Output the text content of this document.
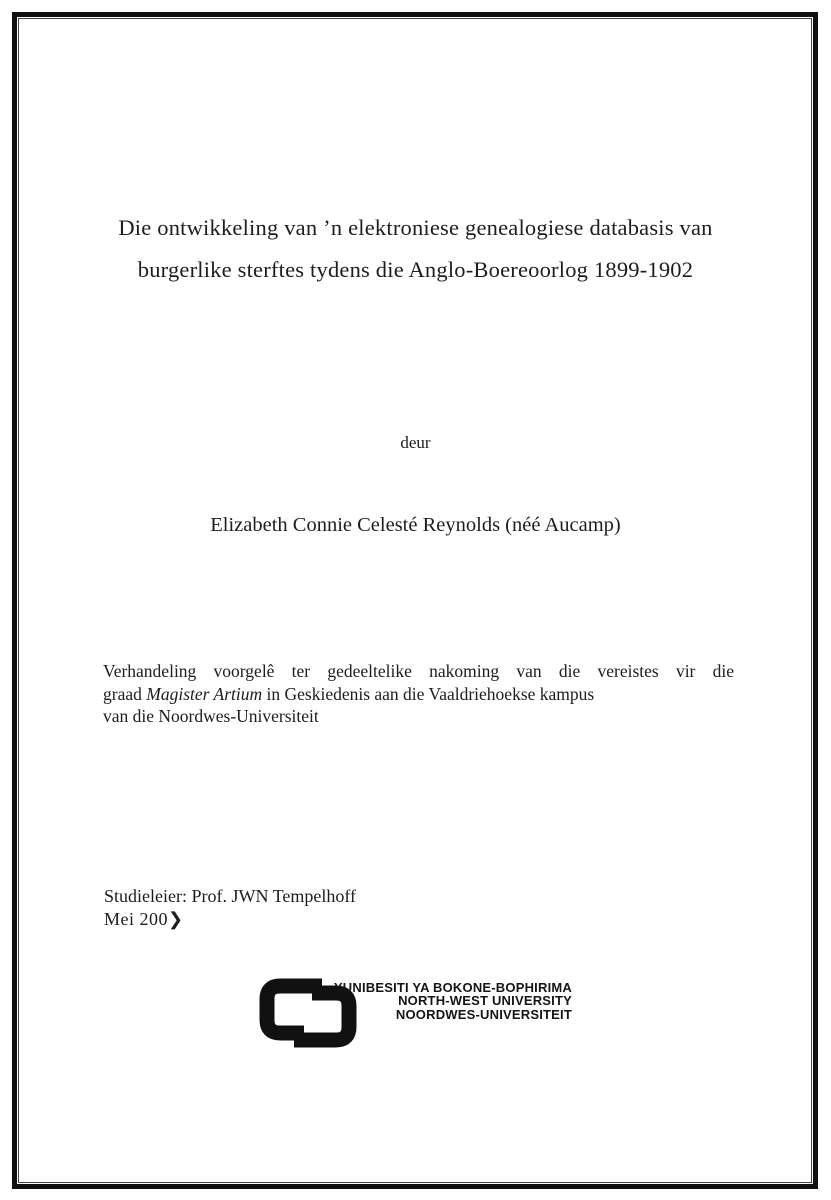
Die ontwikkeling van ’n elektroniese genealogiese databasis van
burgerlike sterftes tydens die Anglo-Boereoorlog 1899-1902
deur
Elizabeth Connie Celesté Reynolds (néé Aucamp)
Verhandeling voorgelê ter gedeeltelike nakoming van die vereistes vir die
graad Magister Artium in Geskiedenis aan die Vaaldriehoekse kampus
van die Noordwes-Universiteit
Studieleier: Prof. JWN Tempelhoff
Mei 200❯
YUNIBESITI YA BOKONE-BOPHIRIMA
NORTH-WEST UNIVERSITY
NOORDWES-UNIVERSITEIT
